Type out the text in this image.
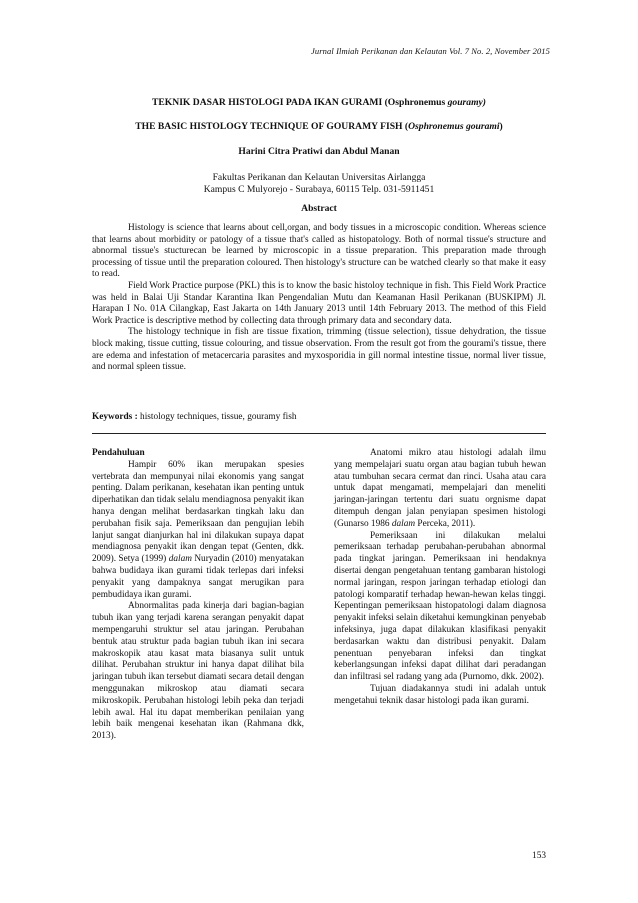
Jurnal Ilmiah Perikanan dan Kelautan Vol. 7 No. 2, November 2015
TEKNIK DASAR HISTOLOGI PADA IKAN GURAMI (Osphronemus gouramy)
THE BASIC HISTOLOGY TECHNIQUE OF GOURAMY FISH (Osphronemus gourami)
Harini Citra Pratiwi dan Abdul Manan
Fakultas Perikanan dan Kelautan Universitas Airlangga
Kampus C Mulyorejo - Surabaya, 60115 Telp. 031-5911451
Abstract

Histology is science that learns about cell,organ, and body tissues in a microscopic condition. Whereas science that learns about morbidity or patology of a tissue that's called as histopatology. Both of normal tissue's structure and abnormal tissue's stucturecan be learned by microscopic in a tissue preparation. This preparation made through processing of tissue until the preparation coloured. Then histology's structure can be watched clearly so that make it easy to read.

Field Work Practice purpose (PKL) this is to know the basic histoloy technique in fish. This Field Work Practice was held in Balai Uji Standar Karantina Ikan Pengendalian Mutu dan Keamanan Hasil Perikanan (BUSKIPM) Jl. Harapan I No. 01A Cilangkap, East Jakarta on 14th January 2013 until 14th February 2013. The method of this Field Work Practice is descriptive method by collecting data through primary data and secondary data.

The histology technique in fish are tissue fixation, trimming (tissue selection), tissue dehydration, the tissue block making, tissue cutting, tissue colouring, and tissue observation. From the result got from the gourami's tissue, there are edema and infestation of metacercaria parasites and myxosporidia in gill normal intestine tissue, normal liver tissue, and normal spleen tissue.

Keywords : histology techniques, tissue, gouramy fish

Pendahuluan

Hampir 60% ikan merupakan spesies vertebrata dan mempunyai nilai ekonomis yang sangat penting. Dalam perikanan, kesehatan ikan penting untuk diperhatikan dan tidak selalu mendiagnosa penyakit ikan hanya dengan melihat berdasarkan tingkah laku dan perubahan fisik saja. Pemeriksaan dan pengujian lebih lanjut sangat dianjurkan hal ini dilakukan supaya dapat mendiagnosa penyakit ikan dengan tepat (Genten, dkk. 2009). Setya (1999) dalam Nuryadin (2010) menyatakan bahwa budidaya ikan gurami tidak terlepas dari infeksi penyakit yang dampaknya sangat merugikan para pembudidaya ikan gurami.

Abnormalitas pada kinerja dari bagian-bagian tubuh ikan yang terjadi karena serangan penyakit dapat mempengaruhi struktur sel atau jaringan. Perubahan bentuk atau struktur pada bagian tubuh ikan ini secara makroskopik atau kasat mata biasanya sulit untuk dilihat. Perubahan struktur ini hanya dapat dilihat bila jaringan tubuh ikan tersebut diamati secara detail dengan menggunakan mikroskop atau diamati secara mikroskopik. Perubahan histologi lebih peka dan terjadi lebih awal. Hal itu dapat memberikan penilaian yang lebih baik mengenai kesehatan ikan (Rahmana dkk, 2013).

Anatomi mikro atau histologi adalah ilmu yang mempelajari suatu organ atau bagian tubuh hewan atau tumbuhan secara cermat dan rinci. Usaha atau cara untuk dapat mengamati, mempelajari dan meneliti jaringan-jaringan tertentu dari suatu orgnisme dapat ditempuh dengan jalan penyiapan spesimen histologi (Gunarso 1986 dalam Perceka, 2011).

Pemeriksaan ini dilakukan melalui pemeriksaan terhadap perubahan-perubahan abnormal pada tingkat jaringan. Pemeriksaan ini hendaknya disertai dengan pengetahuan tentang gambaran histologi normal jaringan, respon jaringan terhadap etiologi dan patologi komparatif terhadap hewan-hewan kelas tinggi. Kepentingan pemeriksaan histopatologi dalam diagnosa penyakit infeksi selain diketahui kemungkinan penyebab infeksinya, juga dapat dilakukan klasifikasi penyakit berdasarkan waktu dan distribusi penyakit. Dalam penentuan penyebaran infeksi dan tingkat keberlangsungan infeksi dapat dilihat dari peradangan dan infiltrasi sel radang yang ada (Purnomo, dkk. 2002).

Tujuan diadakannya studi ini adalah untuk mengetahui teknik dasar histologi pada ikan gurami.

153
